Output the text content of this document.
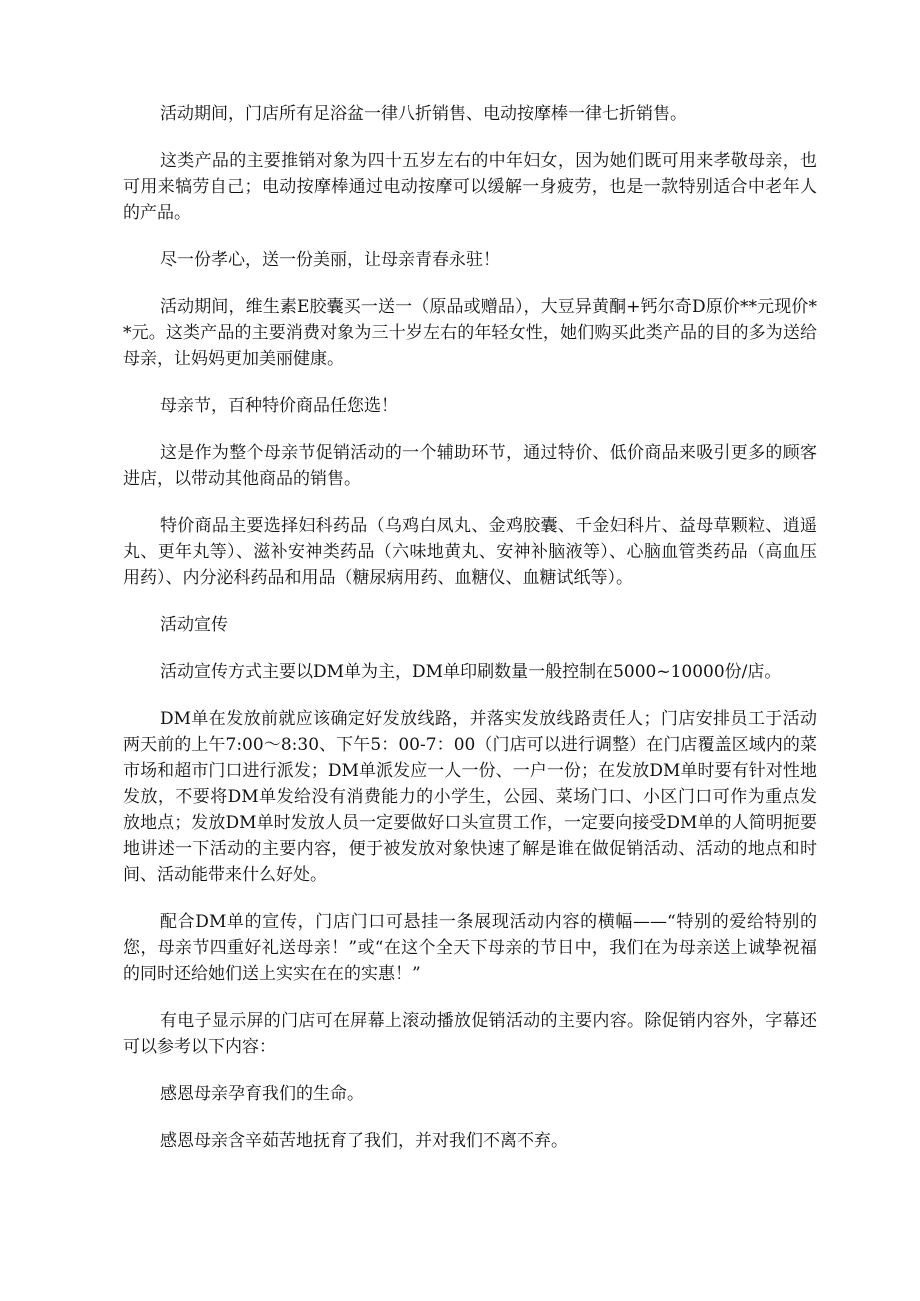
活动期间，门店所有足浴盆一律八折销售、电动按摩棒一律七折销售。

这类产品的主要推销对象为四十五岁左右的中年妇女，因为她们既可用来孝敬母亲，也可用来犒劳自己；电动按摩棒通过电动按摩可以缓解一身疲劳，也是一款特别适合中老年人的产品。

尽一份孝心，送一份美丽，让母亲青春永驻！

活动期间，维生素E胶囊买一送一（原品或赠品），大豆异黄酮+钙尔奇D原价**元现价**元。这类产品的主要消费对象为三十岁左右的年轻女性，她们购买此类产品的目的多为送给母亲，让妈妈更加美丽健康。

母亲节，百种特价商品任您选！

这是作为整个母亲节促销活动的一个辅助环节，通过特价、低价商品来吸引更多的顾客进店，以带动其他商品的销售。

特价商品主要选择妇科药品（乌鸡白凤丸、金鸡胶囊、千金妇科片、益母草颗粒、逍遥丸、更年丸等）、滋补安神类药品（六味地黄丸、安神补脑液等）、心脑血管类药品（高血压用药）、内分泌科药品和用品（糖尿病用药、血糖仪、血糖试纸等）。

活动宣传

活动宣传方式主要以DM单为主，DM单印刷数量一般控制在5000~10000份/店。

DM单在发放前就应该确定好发放线路，并落实发放线路责任人；门店安排员工于活动两天前的上午7:00～8:30、下午5：00-7：00（门店可以进行调整）在门店覆盖区域内的菜市场和超市门口进行派发；DM单派发应一人一份、一户一份；在发放DM单时要有针对性地发放，不要将DM单发给没有消费能力的小学生，公园、菜场门口、小区门口可作为重点发放地点；发放DM单时发放人员一定要做好口头宣贯工作，一定要向接受DM单的人简明扼要地讲述一下活动的主要内容，便于被发放对象快速了解是谁在做促销活动、活动的地点和时间、活动能带来什么好处。

配合DM单的宣传，门店门口可悬挂一条展现活动内容的横幅——“特别的爱给特别的您，母亲节四重好礼送母亲！”或“在这个全天下母亲的节日中，我们在为母亲送上诚挚祝福的同时还给她们送上实实在在的实惠！”

有电子显示屏的门店可在屏幕上滚动播放促销活动的主要内容。除促销内容外，字幕还可以参考以下内容：

感恩母亲孕育我们的生命。

感恩母亲含辛茹苦地抚育了我们，并对我们不离不弃。
